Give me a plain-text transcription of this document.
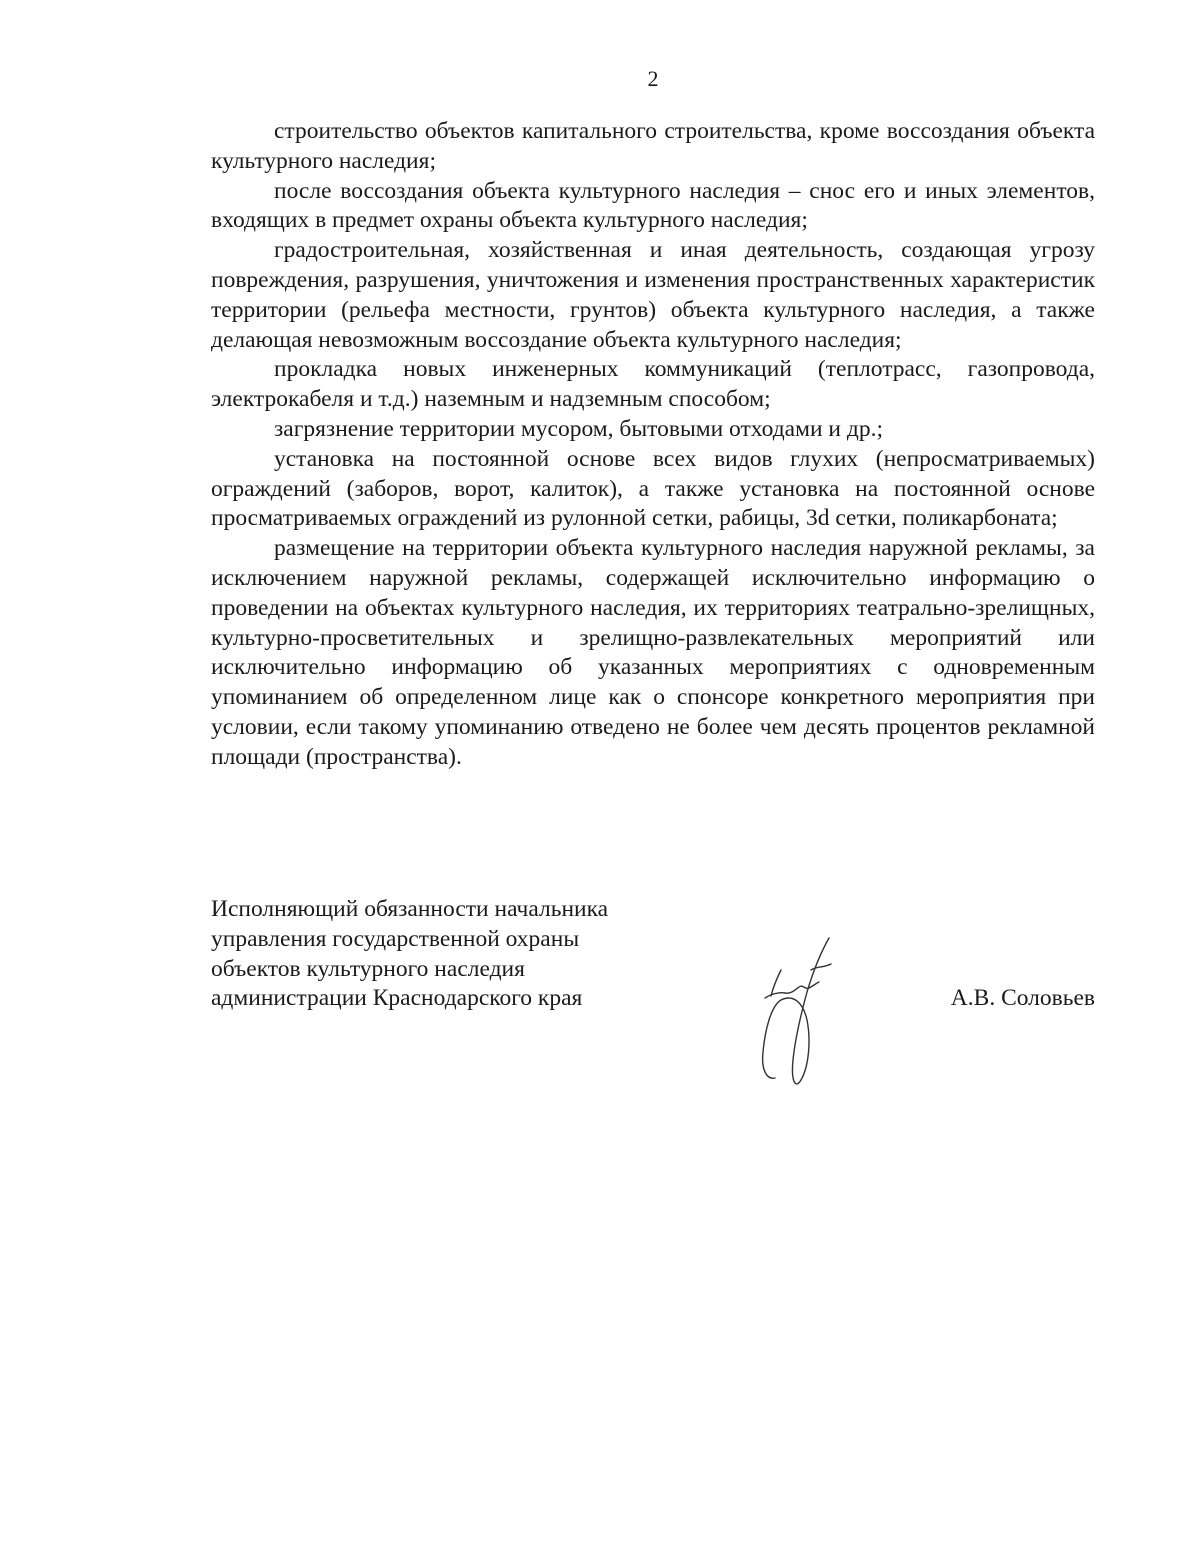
2

строительство объектов капитального строительства, кроме воссоздания объекта культурного наследия;

после воссоздания объекта культурного наследия – снос его и иных элементов, входящих в предмет охраны объекта культурного наследия;

градостроительная, хозяйственная и иная деятельность, создающая угрозу повреждения, разрушения, уничтожения и изменения пространственных характеристик территории (рельефа местности, грунтов) объекта культурного наследия, а также делающая невозможным воссоздание объекта культурного наследия;

прокладка новых инженерных коммуникаций (теплотрасс, газопровода, электрокабеля и т.д.) наземным и надземным способом;

загрязнение территории мусором, бытовыми отходами и др.;

установка на постоянной основе всех видов глухих (непросматриваемых) ограждений (заборов, ворот, калиток), а также установка на постоянной основе просматриваемых ограждений из рулонной сетки, рабицы, 3d сетки, поликарбоната;

размещение на территории объекта культурного наследия наружной рекламы, за исключением наружной рекламы, содержащей исключительно информацию о проведении на объектах культурного наследия, их территориях театрально-зрелищных, культурно-просветительных и зрелищно-развлекательных мероприятий или исключительно информацию об указанных мероприятиях с одновременным упоминанием об определенном лице как о спонсоре конкретного мероприятия при условии, если такому упоминанию отведено не более чем десять процентов рекламной площади (пространства).

Исполняющий обязанности начальника
управления государственной охраны
объектов культурного наследия
администрации Краснодарского края	А.В. Соловьев
